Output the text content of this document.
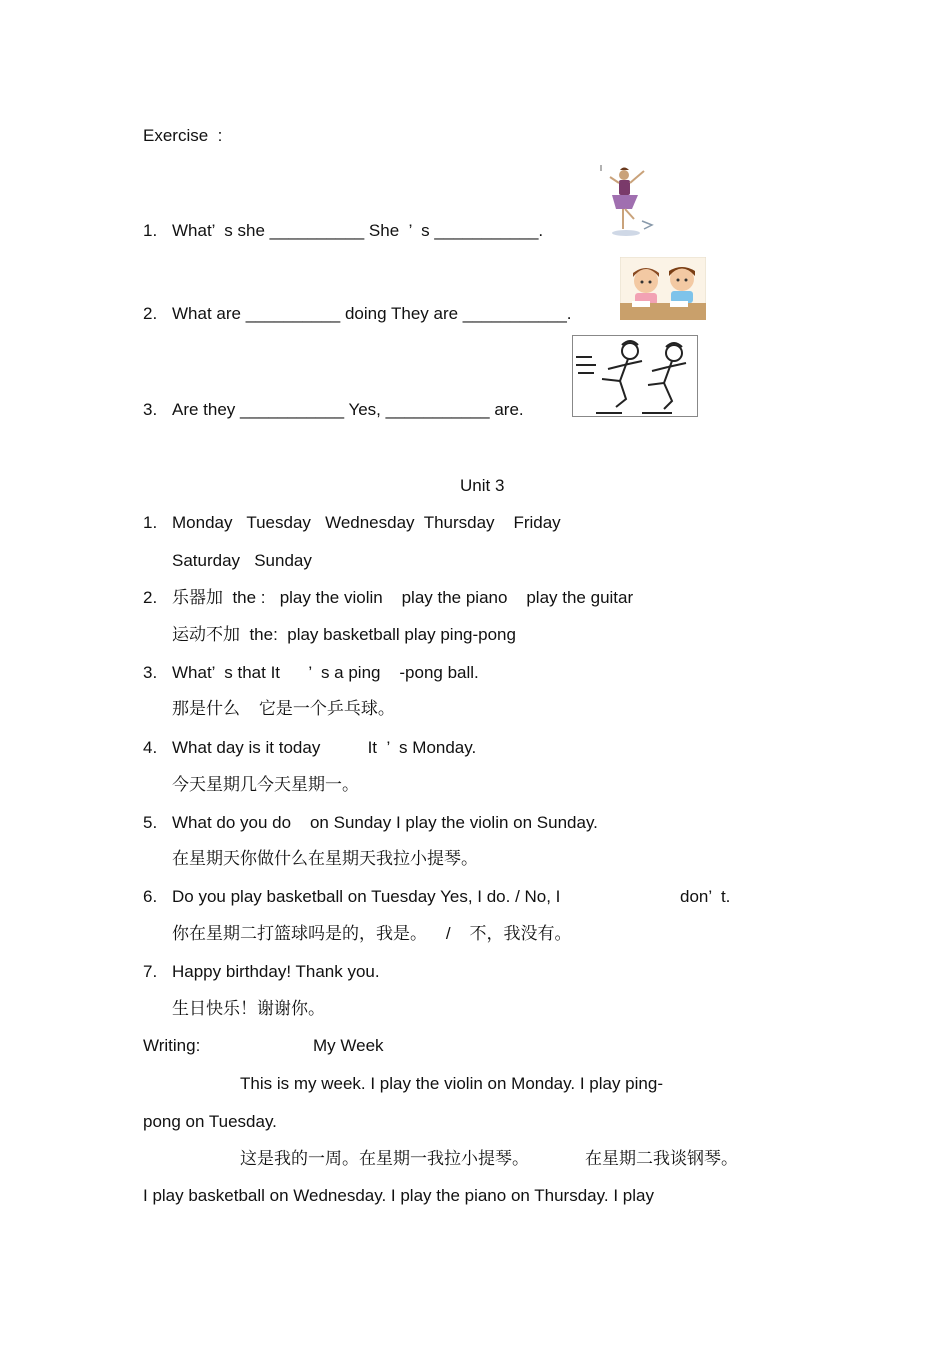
Exercise  :
1. What’  s she __________ She  ’  s ___________.
2. What are __________ doing They are ___________.
3. Are they ___________ Yes, ___________ are.
Unit 3
1. Monday   Tuesday   Wednesday  Thursday    Friday
Saturday   Sunday
2. 乐器加  the :   play the violin    play the piano    play the guitar
运动不加  the:  play basketball play ping-pong
3. What’  s that It      ’  s a ping    -pong ball.
那是什么    它是一个乒乓球。
4. What day is it today          It  ’  s Monday.
今天星期几今天星期一。
5. What do you do    on Sunday I play the violin on Sunday.
在星期天你做什么在星期天我拉小提琴。
6. Do you play basketball on Tuesday Yes, I do. / No, I	don’  t.
你在星期二打篮球吗是的，我是。    /    不，我没有。
7. Happy birthday! Thank you.
生日快乐！谢谢你。
Writing:	My Week
This is my week. I play the violin on Monday. I play ping-
pong on Tuesday.
这是我的一周。在星期一我拉小提琴。	在星期二我谈钢琴。
I play basketball on Wednesday. I play the piano on Thursday. I play
